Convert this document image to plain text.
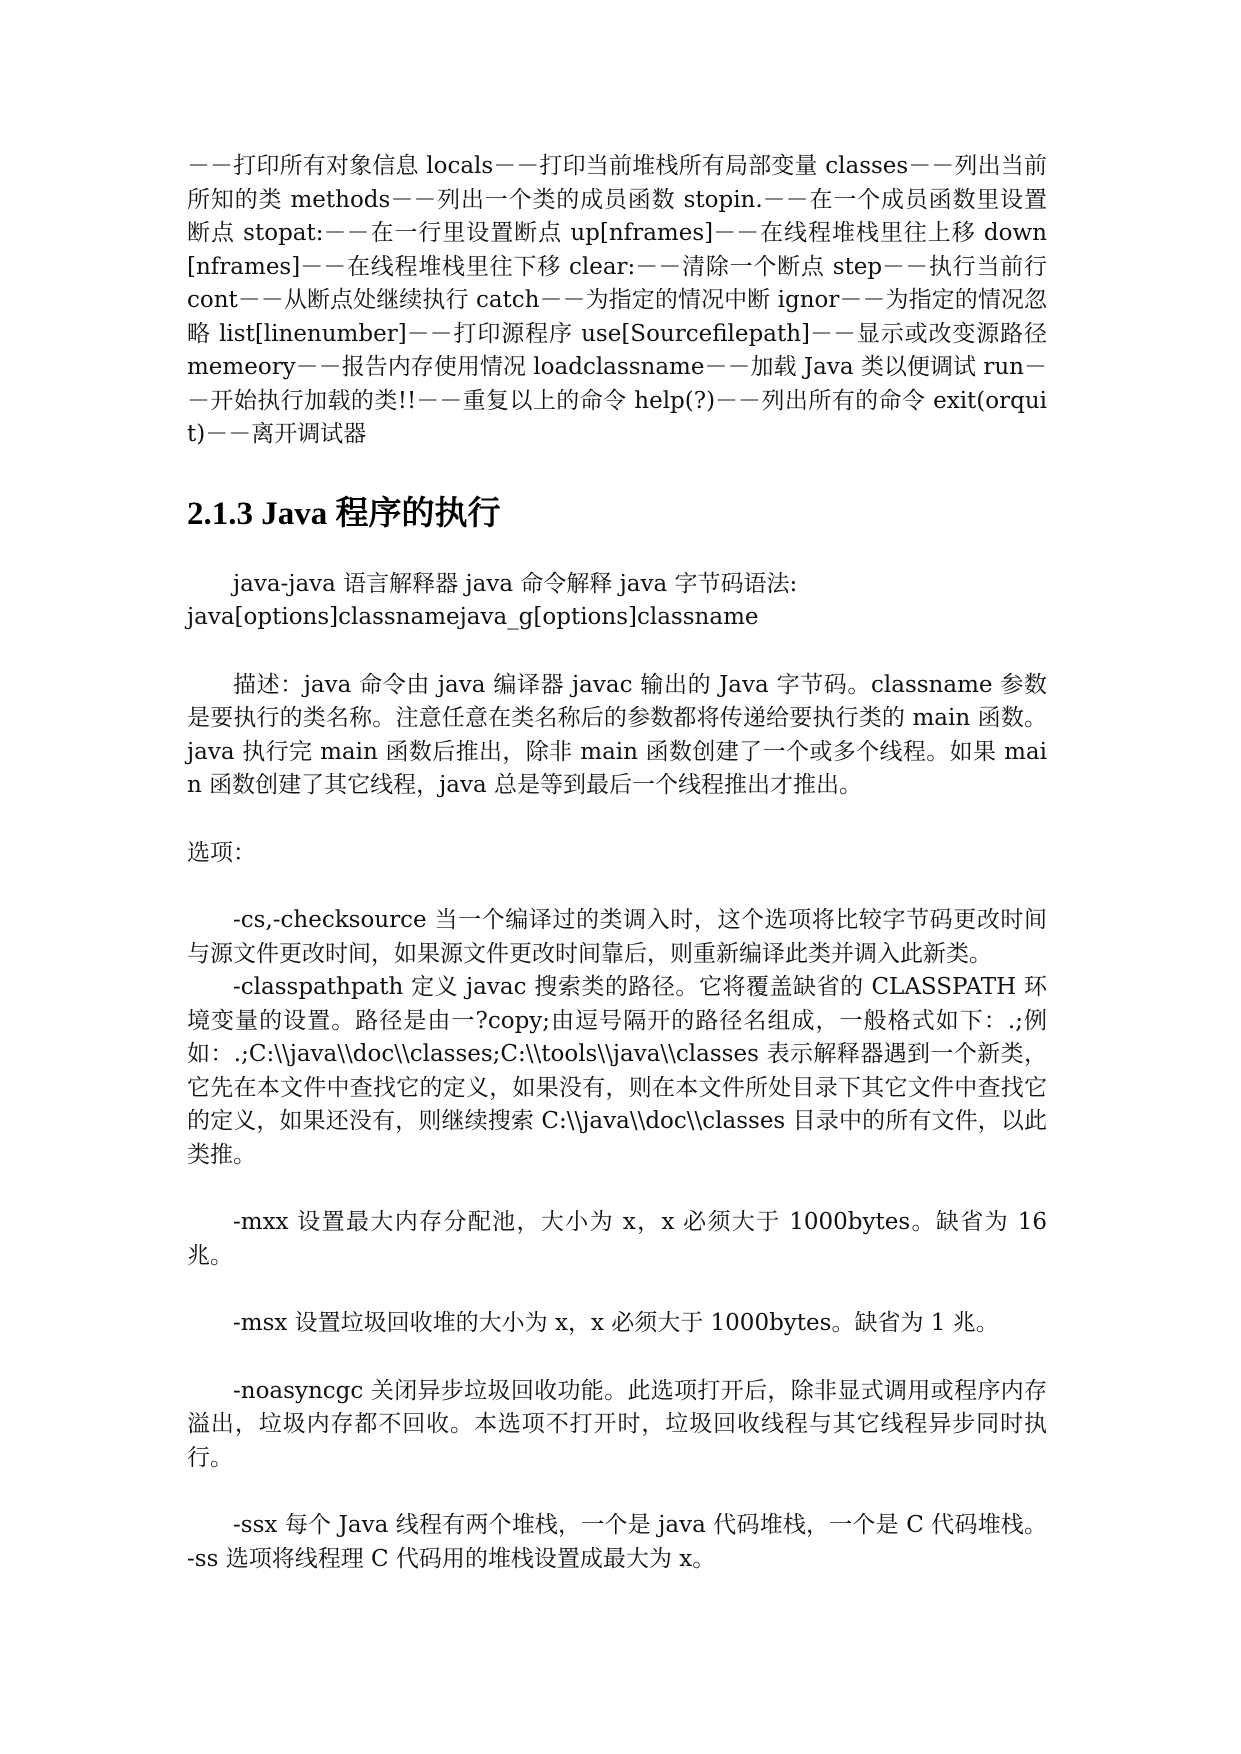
－－打印所有对象信息 locals－－打印当前堆栈所有局部变量 classes－－列出当前所知的类 methods－－列出一个类的成员函数 stopin.－－在一个成员函数里设置断点 stopat:－－在一行里设置断点 up[nframes]－－在线程堆栈里往上移 down[nframes]－－在线程堆栈里往下移 clear:－－清除一个断点 step－－执行当前行 cont－－从断点处继续执行 catch－－为指定的情况中断 ignor－－为指定的情况忽略 list[linenumber]－－打印源程序 use[Sourcefilepath]－－显示或改变源路径 memeory－－报告内存使用情况 loadclassname－－加载 Java 类以便调试 run－－开始执行加载的类!!－－重复以上的命令 help(?)－－列出所有的命令 exit(orquit)－－离开调试器

2.1.3 Java 程序的执行

java-java 语言解释器 java 命令解释 java 字节码语法:

java[options]classnamejava_g[options]classname

描述：java 命令由 java 编译器 javac 输出的 Java 字节码。classname 参数是要执行的类名称。注意任意在类名称后的参数都将传递给要执行类的 main 函数。java 执行完 main 函数后推出，除非 main 函数创建了一个或多个线程。如果 main 函数创建了其它线程，java 总是等到最后一个线程推出才推出。

选项：

-cs,-checksource 当一个编译过的类调入时，这个选项将比较字节码更改时间与源文件更改时间，如果源文件更改时间靠后，则重新编译此类并调入此新类。

-classpathpath 定义 javac 搜索类的路径。它将覆盖缺省的 CLASSPATH 环境变量的设置。路径是由一?copy;由逗号隔开的路径名组成，一般格式如下：.;例如：.;C:\\java\\doc\\classes;C:\\tools\\java\\classes 表示解释器遇到一个新类，它先在本文件中查找它的定义，如果没有，则在本文件所处目录下其它文件中查找它的定义，如果还没有，则继续搜索 C:\\java\\doc\\classes 目录中的所有文件，以此类推。

-mxx 设置最大内存分配池，大小为 x，x 必须大于 1000bytes。缺省为 16 兆。

-msx 设置垃圾回收堆的大小为 x，x 必须大于 1000bytes。缺省为 1 兆。

-noasyncgc 关闭异步垃圾回收功能。此选项打开后，除非显式调用或程序内存溢出，垃圾内存都不回收。本选项不打开时，垃圾回收线程与其它线程异步同时执行。

-ssx 每个 Java 线程有两个堆栈，一个是 java 代码堆栈，一个是 C 代码堆栈。-ss 选项将线程理 C 代码用的堆栈设置成最大为 x。
